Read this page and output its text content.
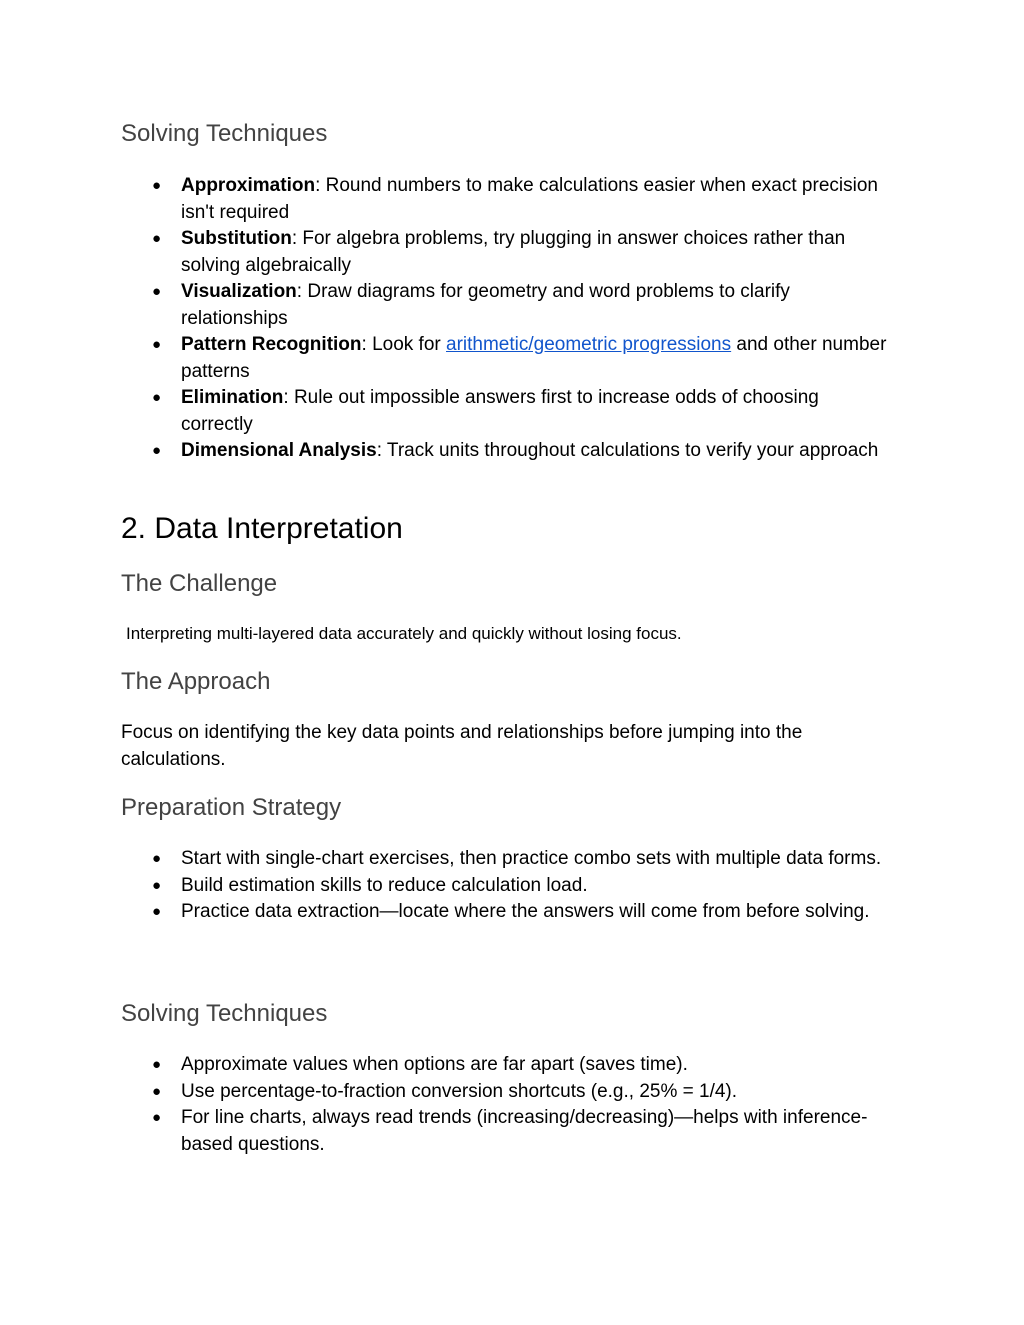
Solving Techniques
● Approximation: Round numbers to make calculations easier when exact precision isn't required
● Substitution: For algebra problems, try plugging in answer choices rather than solving algebraically
● Visualization: Draw diagrams for geometry and word problems to clarify relationships
● Pattern Recognition: Look for arithmetic/geometric progressions and other number patterns
● Elimination: Rule out impossible answers first to increase odds of choosing correctly
● Dimensional Analysis: Track units throughout calculations to verify your approach
2. Data Interpretation
The Challenge
Interpreting multi-layered data accurately and quickly without losing focus.
The Approach
Focus on identifying the key data points and relationships before jumping into the calculations.
Preparation Strategy
● Start with single-chart exercises, then practice combo sets with multiple data forms.
● Build estimation skills to reduce calculation load.
● Practice data extraction—locate where the answers will come from before solving.
Solving Techniques
● Approximate values when options are far apart (saves time).
● Use percentage-to-fraction conversion shortcuts (e.g., 25% = 1/4).
● For line charts, always read trends (increasing/decreasing)—helps with inference-based questions.
